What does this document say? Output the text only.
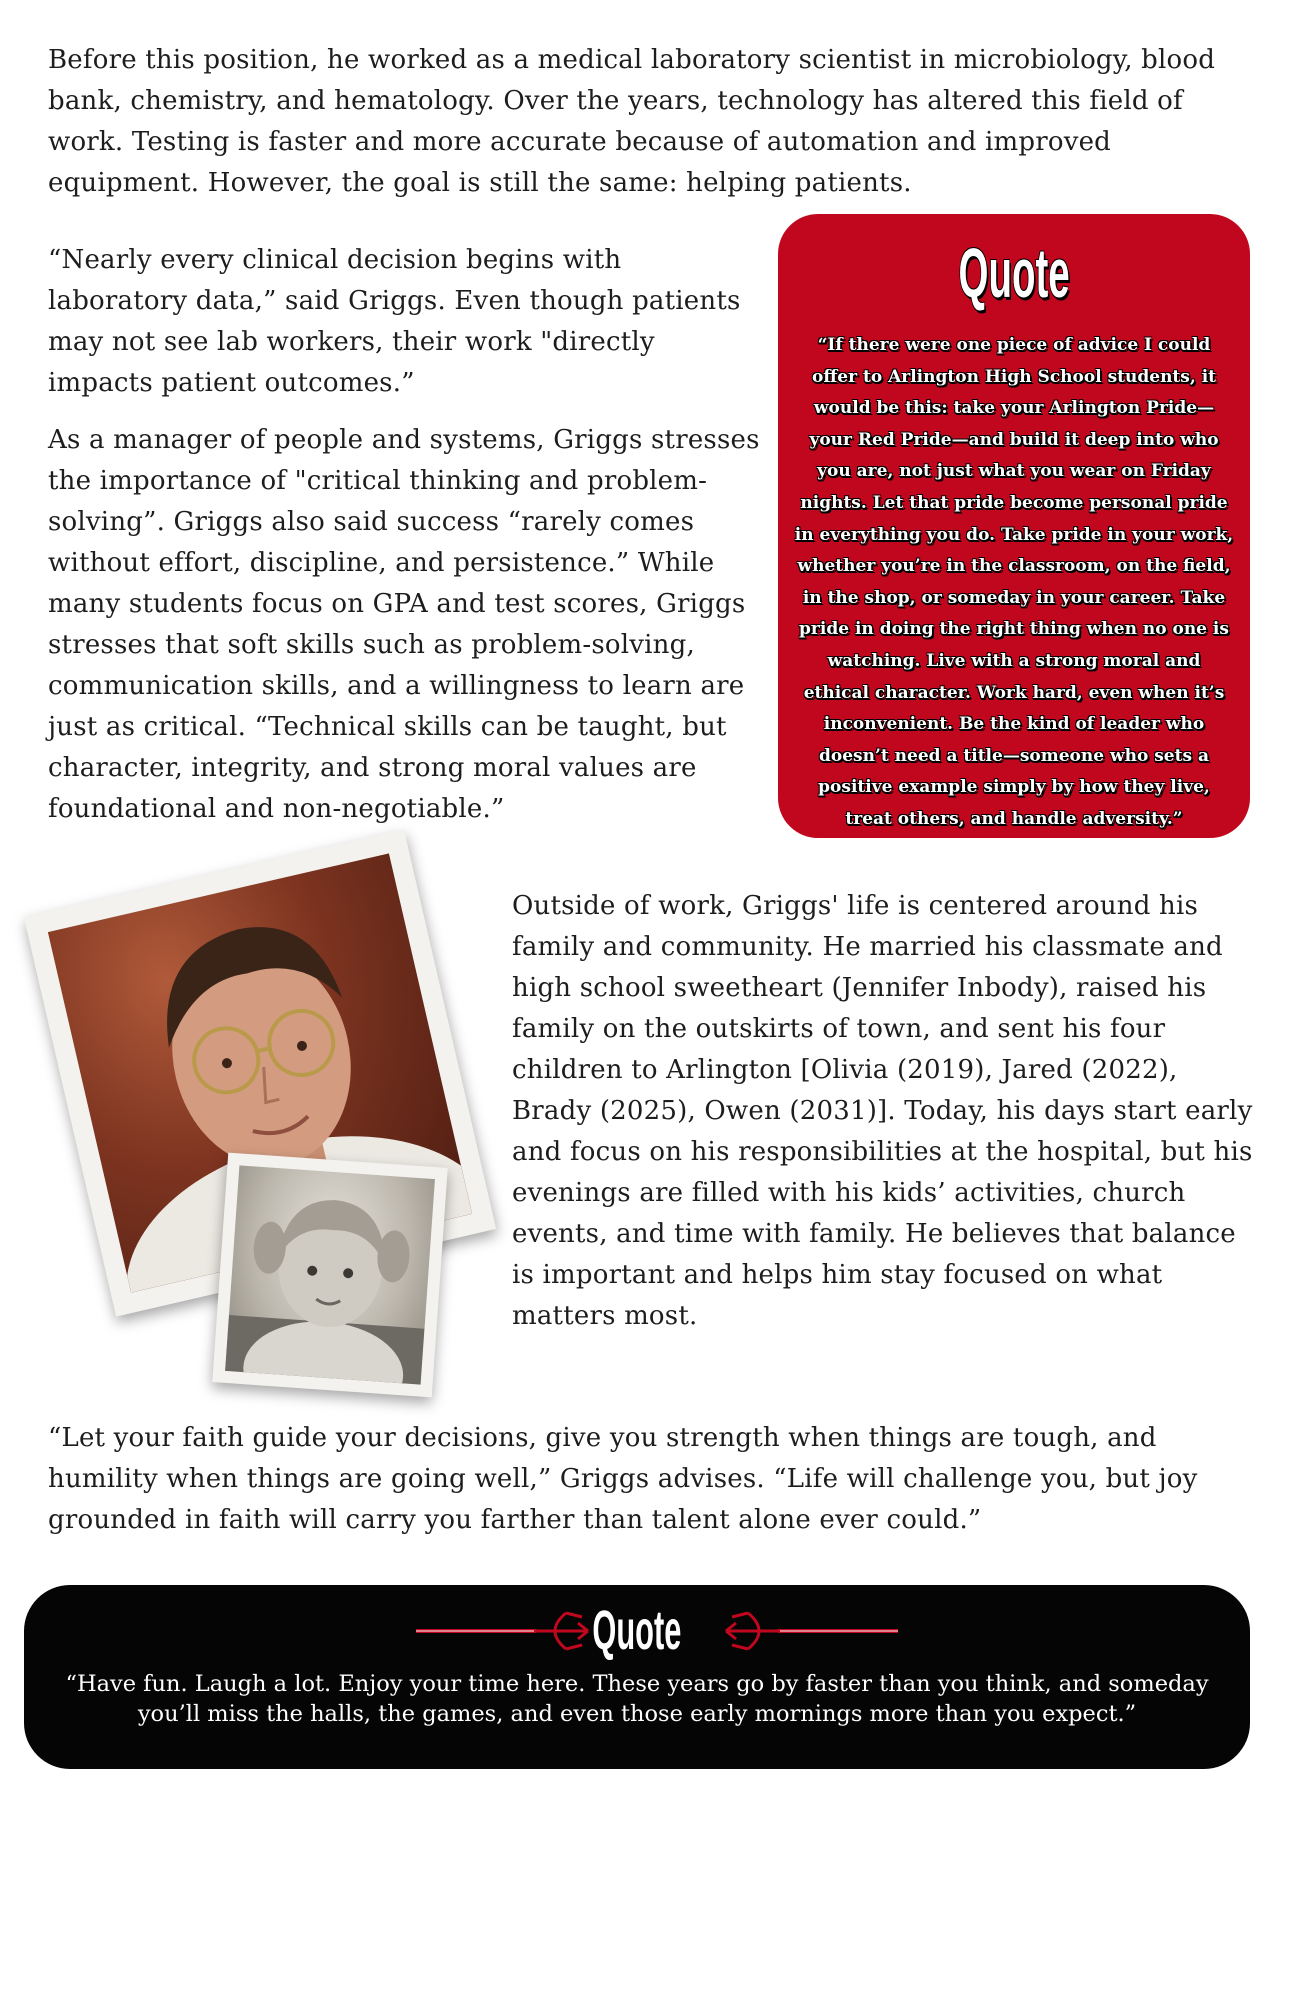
Before this position, he worked as a medical laboratory scientist in microbiology, blood bank, chemistry, and hematology. Over the years, technology has altered this field of work. Testing is faster and more accurate because of automation and improved equipment. However, the goal is still the same: helping patients.

“Nearly every clinical decision begins with laboratory data,” said Griggs. Even though patients may not see lab workers, their work "directly impacts patient outcomes.”

As a manager of people and systems, Griggs stresses the importance of "critical thinking and problem-solving”. Griggs also said success “rarely comes without effort, discipline, and persistence.” While many students focus on GPA and test scores, Griggs stresses that soft skills such as problem-solving, communication skills, and a willingness to learn are just as critical. “Technical skills can be taught, but character, integrity, and strong moral values are foundational and non-negotiable.”

Quote

“If there were one piece of advice I could offer to Arlington High School students, it would be this: take your Arlington Pride—your Red Pride—and build it deep into who you are, not just what you wear on Friday nights. Let that pride become personal pride in everything you do. Take pride in your work, whether you’re in the classroom, on the field, in the shop, or someday in your career. Take pride in doing the right thing when no one is watching. Live with a strong moral and ethical character. Work hard, even when it’s inconvenient. Be the kind of leader who doesn’t need a title—someone who sets a positive example simply by how they live, treat others, and handle adversity.”

Outside of work, Griggs' life is centered around his family and community. He married his classmate and high school sweetheart (Jennifer Inbody), raised his family on the outskirts of town, and sent his four children to Arlington [Olivia (2019), Jared (2022), Brady (2025), Owen (2031)]. Today, his days start early and focus on his responsibilities at the hospital, but his evenings are filled with his kids’ activities, church events, and time with family. He believes that balance is important and helps him stay focused on what matters most.

“Let your faith guide your decisions, give you strength when things are tough, and humility when things are going well,” Griggs advises. “Life will challenge you, but joy grounded in faith will carry you farther than talent alone ever could.”

Quote

“Have fun. Laugh a lot. Enjoy your time here. These years go by faster than you think, and someday you’ll miss the halls, the games, and even those early mornings more than you expect.”
